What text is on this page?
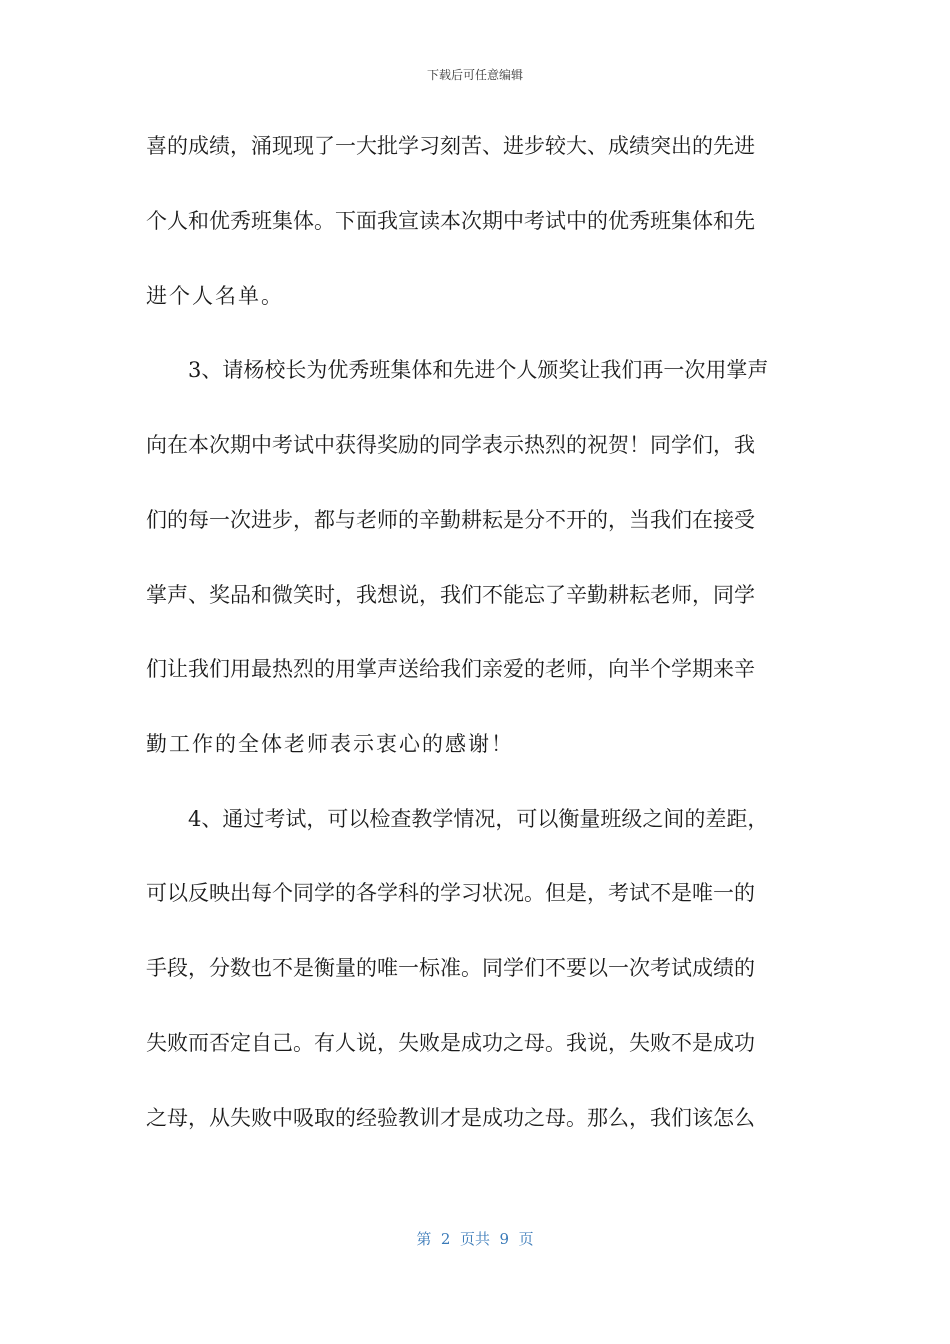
下载后可任意编辑
喜的成绩，涌现现了一大批学习刻苦、进步较大、成绩突出的先进
个人和优秀班集体。下面我宣读本次期中考试中的优秀班集体和先
进个人名单。
3、请杨校长为优秀班集体和先进个人颁奖让我们再一次用掌声
向在本次期中考试中获得奖励的同学表示热烈的祝贺！同学们，我
们的每一次进步，都与老师的辛勤耕耘是分不开的，当我们在接受
掌声、奖品和微笑时，我想说，我们不能忘了辛勤耕耘老师，同学
们让我们用最热烈的用掌声送给我们亲爱的老师，向半个学期来辛
勤工作的全体老师表示衷心的感谢！
4、通过考试，可以检查教学情况，可以衡量班级之间的差距，
可以反映出每个同学的各学科的学习状况。但是，考试不是唯一的
手段，分数也不是衡量的唯一标准。同学们不要以一次考试成绩的
失败而否定自己。有人说，失败是成功之母。我说，失败不是成功
之母，从失败中吸取的经验教训才是成功之母。那么，我们该怎么
第  2  页共  9  页
